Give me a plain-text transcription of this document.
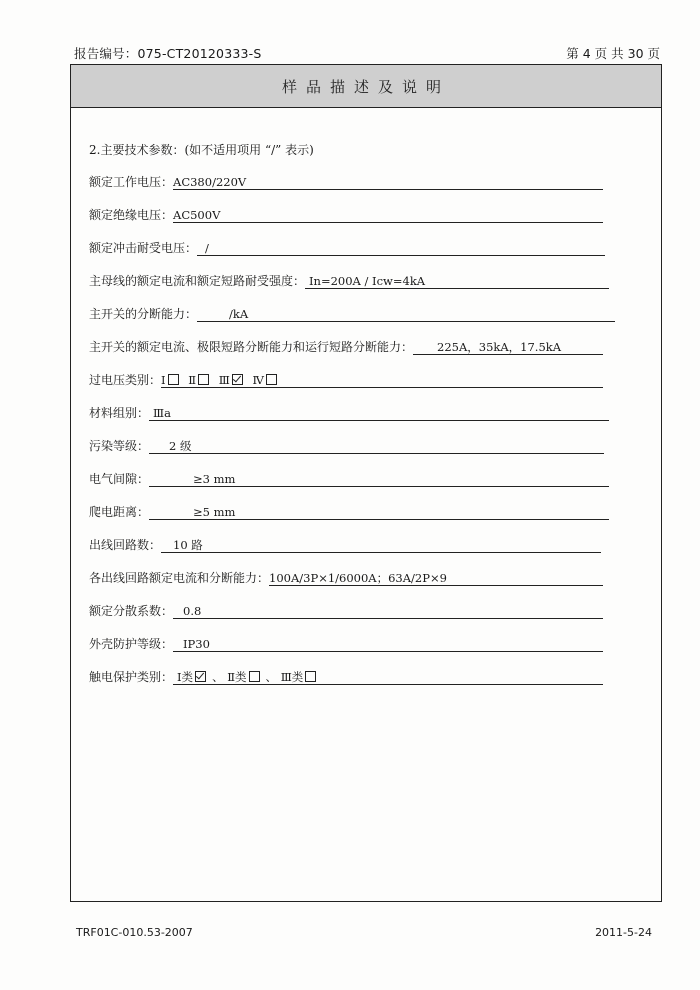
报告编号：075-CT20120333-S	第 4 页 共 30 页
样品描述及说明
2.主要技术参数：(如不适用项用 “/” 表示)
额定工作电压： AC380/220V
额定绝缘电压： AC500V
额定冲击耐受电压： /
主母线的额定电流和额定短路耐受强度： In=200A / Icw=4kA
主开关的分断能力：	/kA
主开关的额定电流、极限短路分断能力和运行短路分断能力：	225A，35kA，17.5kA
过电压类别： Ⅰ Ⅱ Ⅲ Ⅳ
材料组别： Ⅲa
污染等级：	2 级
电气间隙：	≥3 mm
爬电距离：	≥5 mm
出线回路数：	10 路
各出线回路额定电流和分断能力： 100A/3P×1/6000A；63A/2P×9
额定分散系数： 0.8
外壳防护等级： IP30
触电保护类别： Ⅰ类 、 Ⅱ类 、 Ⅲ类
TRF01C-010.53-2007	2011-5-24
